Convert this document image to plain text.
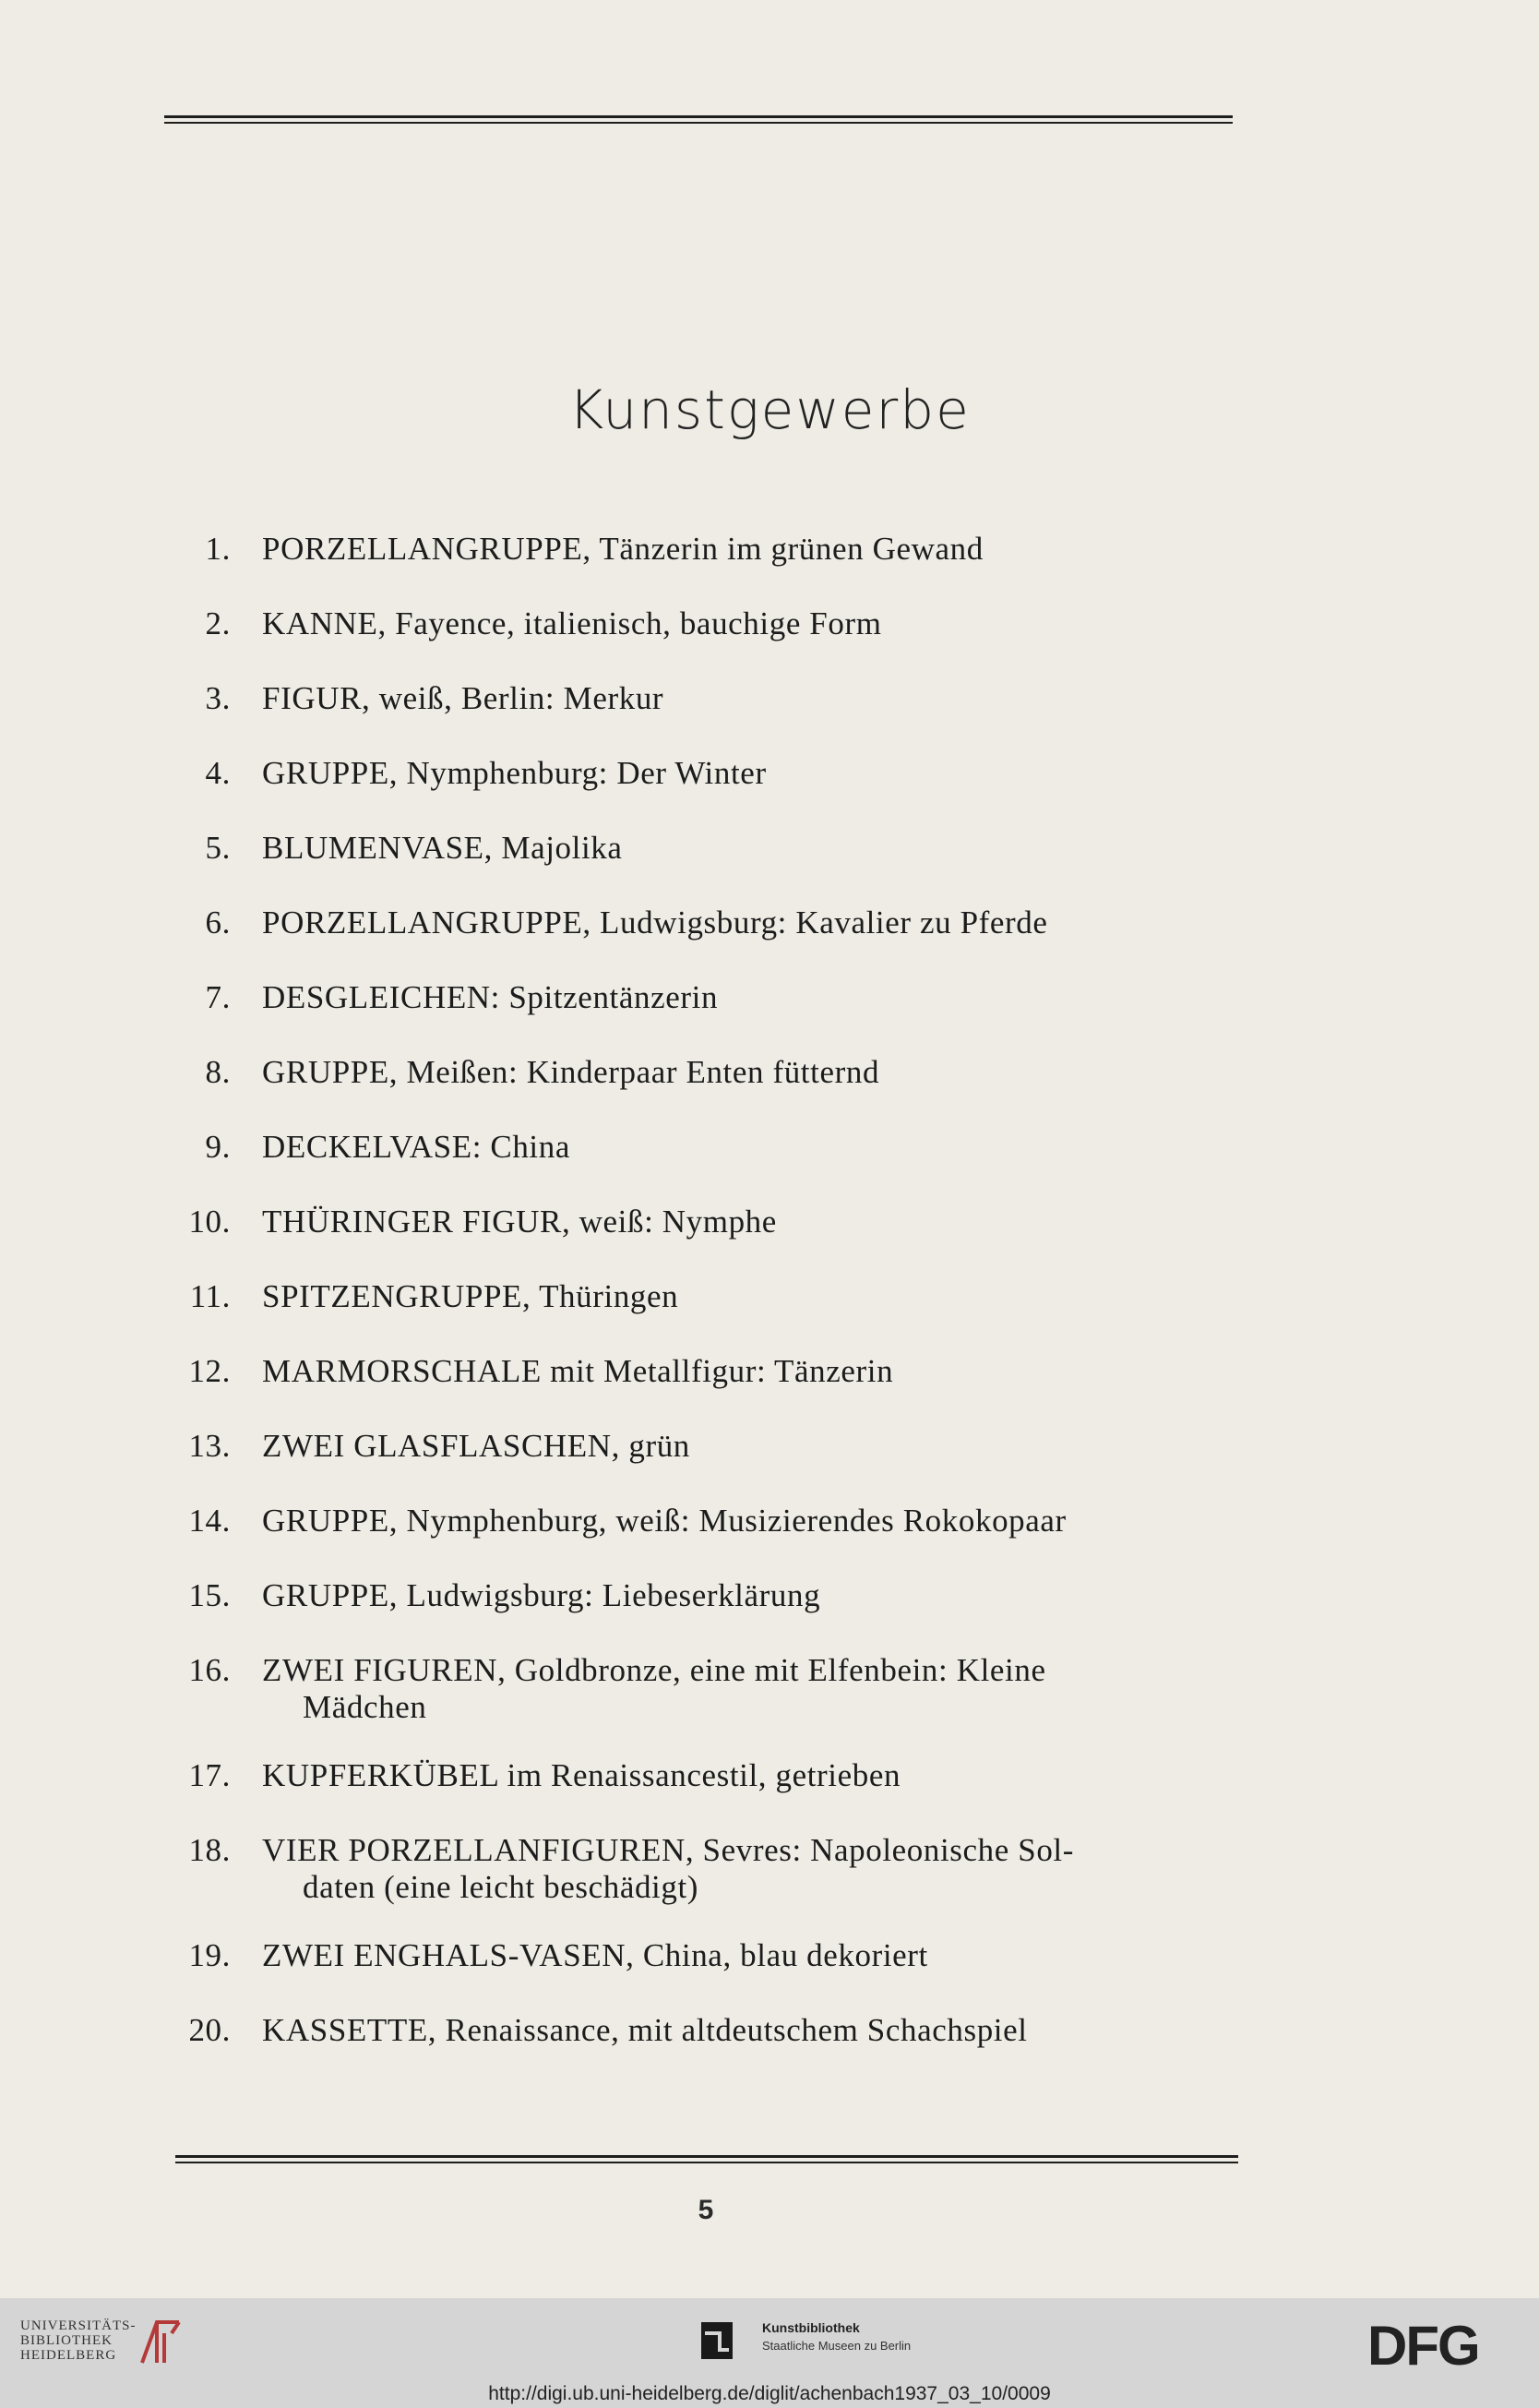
Kunstgewerbe
1. PORZELLANGRUPPE, Tänzerin im grünen Gewand
2. KANNE, Fayence, italienisch, bauchige Form
3. FIGUR, weiß, Berlin: Merkur
4. GRUPPE, Nymphenburg: Der Winter
5. BLUMENVASE, Majolika
6. PORZELLANGRUPPE, Ludwigsburg: Kavalier zu Pferde
7. DESGLEICHEN: Spitzentänzerin
8. GRUPPE, Meißen: Kinderpaar Enten fütternd
9. DECKELVASE: China
10. THÜRINGER FIGUR, weiß: Nymphe
11. SPITZENGRUPPE, Thüringen
12. MARMORSCHALE mit Metallfigur: Tänzerin
13. ZWEI GLASFLASCHEN, grün
14. GRUPPE, Nymphenburg, weiß: Musizierendes Rokokopaar
15. GRUPPE, Ludwigsburg: Liebeserklärung
16. ZWEI FIGUREN, Goldbronze, eine mit Elfenbein: Kleine
Mädchen
17. KUPFERKÜBEL im Renaissancestil, getrieben
18. VIER PORZELLANFIGUREN, Sevres: Napoleonische Sol-
daten (eine leicht beschädigt)
19. ZWEI ENGHALS-VASEN, China, blau dekoriert
20. KASSETTE, Renaissance, mit altdeutschem Schachspiel
5
UNIVERSITÄTS-
BIBLIOTHEK
HEIDELBERG
Kunstbibliothek
Staatliche Museen zu Berlin	DFG
http://digi.ub.uni-heidelberg.de/diglit/achenbach1937_03_10/0009
